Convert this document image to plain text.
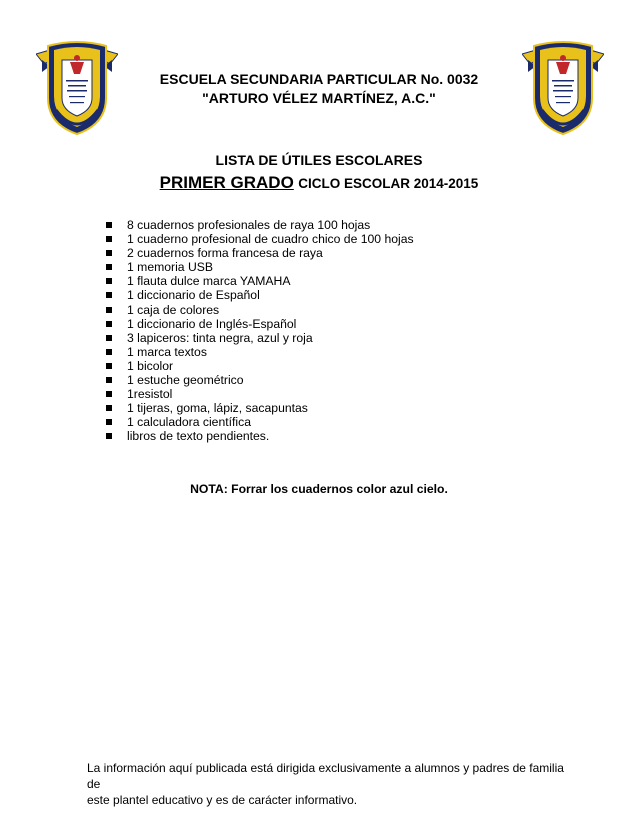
ESCUELA SECUNDARIA PARTICULAR No. 0032
"ARTURO VÉLEZ MARTÍNEZ, A.C."
LISTA DE ÚTILES ESCOLARES
PRIMER GRADO CICLO ESCOLAR 2014-2015
8 cuadernos profesionales de raya 100 hojas
1 cuaderno profesional de cuadro chico de 100 hojas
2 cuadernos forma francesa de raya
1 memoria USB
1 flauta dulce marca YAMAHA
1 diccionario de Español
1 caja de colores
1 diccionario de Inglés-Español
3 lapiceros: tinta negra, azul y roja
1 marca textos
1 bicolor
1 estuche geométrico
1resistol
1 tijeras, goma, lápiz, sacapuntas
1 calculadora científica
libros de texto pendientes.
NOTA: Forrar los cuadernos color azul cielo.
La información aquí publicada está dirigida exclusivamente a alumnos y padres de familia de
este plantel educativo y es de carácter informativo.
